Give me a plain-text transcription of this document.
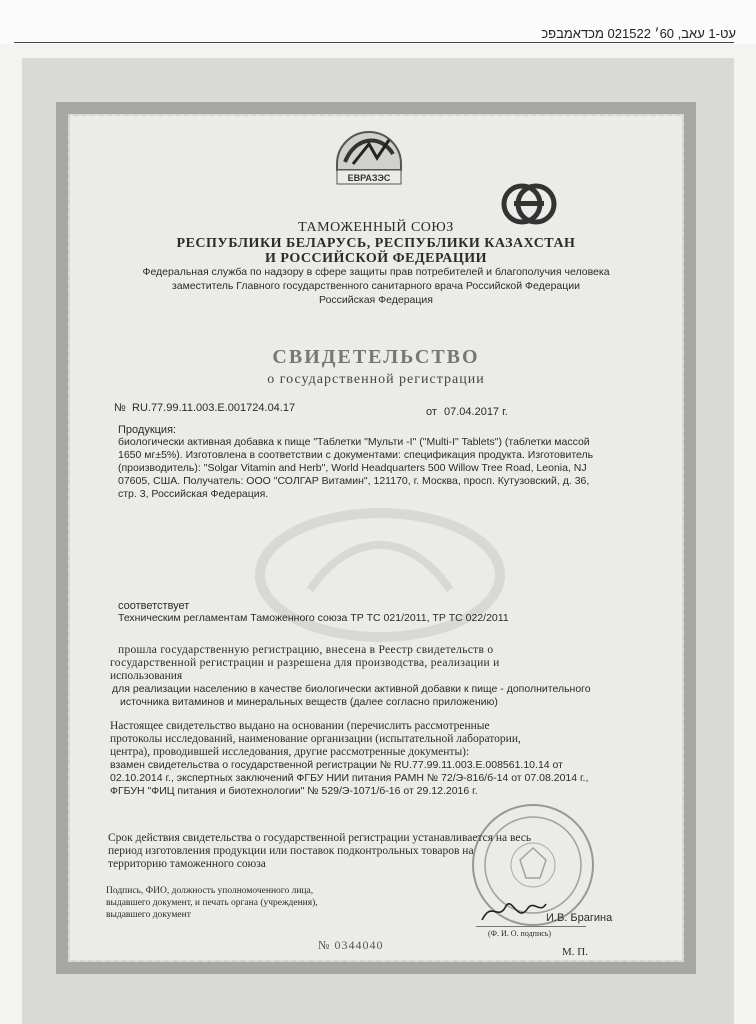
עט-1 עאב, 60׳ 021522 מכדאמבפכ
ЕВРАЗЭС
ТАМОЖЕННЫЙ СОЮЗ
РЕСПУБЛИКИ БЕЛАРУСЬ, РЕСПУБЛИКИ КАЗАХСТАН
И РОССИЙСКОЙ ФЕДЕРАЦИИ
Федеральная служба по надзору в сфере защиты прав потребителей и благополучия человека
заместитель Главного государственного санитарного врача Российской Федерации
Российская Федерация
СВИДЕТЕЛЬСТВО
о государственной регистрации
№ RU.77.99.11.003.Е.001724.04.17	от 07.04.2017 г.
Продукция:
биологически активная добавка к пище "Таблетки "Мульти -I" ("Multi-I" Tablets") (таблетки массой
1650 мг±5%). Изготовлена в соответствии с документами: спецификация продукта. Изготовитель
(производитель): "Solgar Vitamin and Herb", World Headquarters 500 Willow Tree Road, Leonia, NJ
07605, США. Получатель: ООО "СОЛГАР Витамин", 121170, г. Москва, просп. Кутузовский, д. 36,
стр. 3, Российская Федерация.
соответствует
Техническим регламентам Таможенного союза ТР ТС 021/2011, ТР ТС 022/2011
прошла государственную регистрацию, внесена в Реестр свидетельств о
государственной регистрации и разрешена для производства, реализации и
использования
для реализации населению в качестве биологически активной добавки к пище - дополнительного
источника витаминов и минеральных веществ (далее согласно приложению)
Настоящее свидетельство выдано на основании (перечислить рассмотренные
протоколы исследований, наименование организации (испытательной лаборатории,
центра), проводившей исследования, другие рассмотренные документы):
взамен свидетельства о государственной регистрации № RU.77.99.11.003.Е.008561.10.14 от
02.10.2014 г., экспертных заключений ФГБУ НИИ питания РАМН № 72/Э-816/б-14 от 07.08.2014 г.,
ФГБУН "ФИЦ питания и биотехнологии" № 529/Э-1071/б-16 от 29.12.2016 г.
Срок действия свидетельства о государственной регистрации устанавливается на весь
период изготовления продукции или поставок подконтрольных товаров на
территорию таможенного союза
Подпись, ФИО, должность уполномоченного лица,
выдавшего документ, и печать органа (учреждения),
выдавшего документ	И.В. Брагина
(Ф. И. О. подпись)
№ 0344040	М. П.
